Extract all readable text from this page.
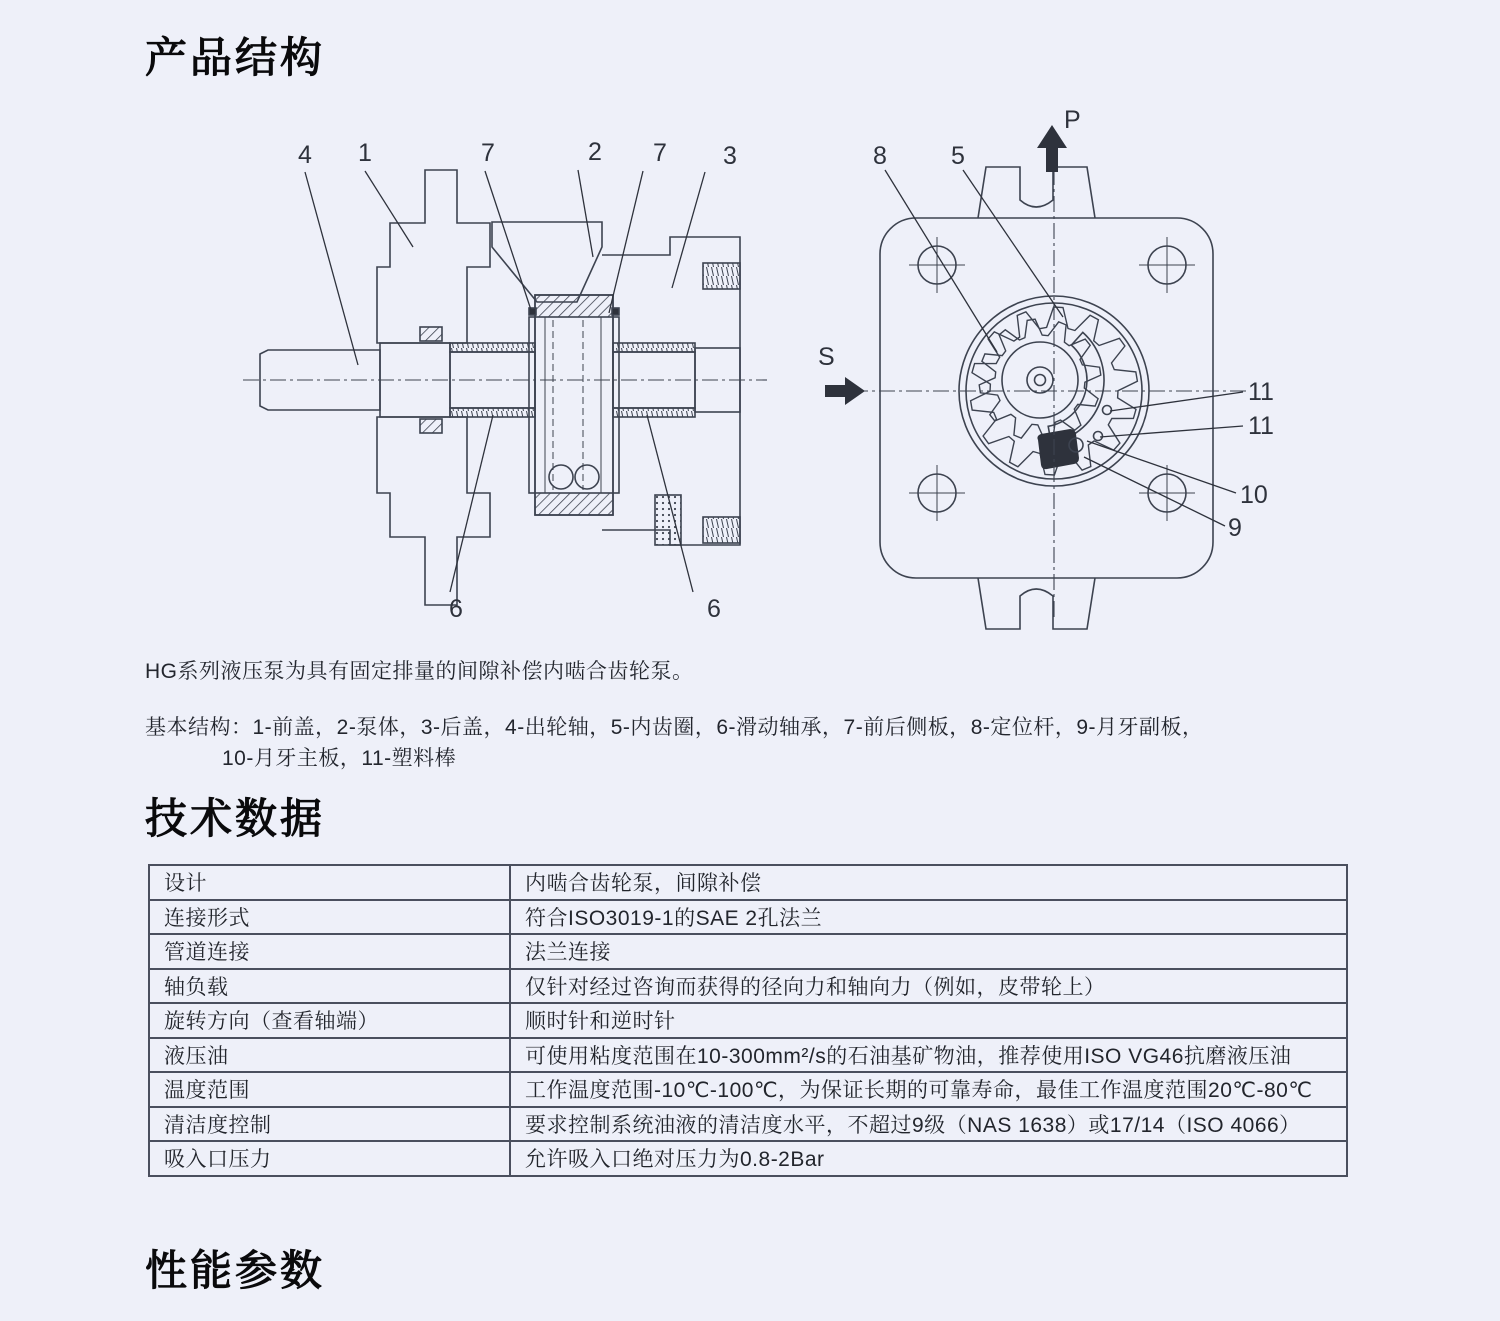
产品结构
4 1	7	2 7 3
6	6
P
S
8	5
11
11
10
9
HG系列液压泵为具有固定排量的间隙补偿内啮合齿轮泵。
基本结构：1-前盖，2-泵体，3-后盖，4-出轮轴，5-内齿圈，6-滑动轴承，7-前后侧板，8-定位杆，9-月牙副板，
10-月牙主板，11-塑料棒
技术数据
设计	内啮合齿轮泵，间隙补偿
连接形式	符合ISO3019-1的SAE 2孔法兰
管道连接	法兰连接
轴负载	仅针对经过咨询而获得的径向力和轴向力（例如，皮带轮上）
旋转方向（查看轴端）	顺时针和逆时针
液压油	可使用粘度范围在10-300mm²/s的石油基矿物油，推荐使用ISO VG46抗磨液压油
温度范围	工作温度范围-10℃-100℃，为保证长期的可靠寿命，最佳工作温度范围20℃-80℃
清洁度控制	要求控制系统油液的清洁度水平，不超过9级（NAS 1638）或17/14（ISO 4066）
吸入口压力	允许吸入口绝对压力为0.8-2Bar
性能参数
